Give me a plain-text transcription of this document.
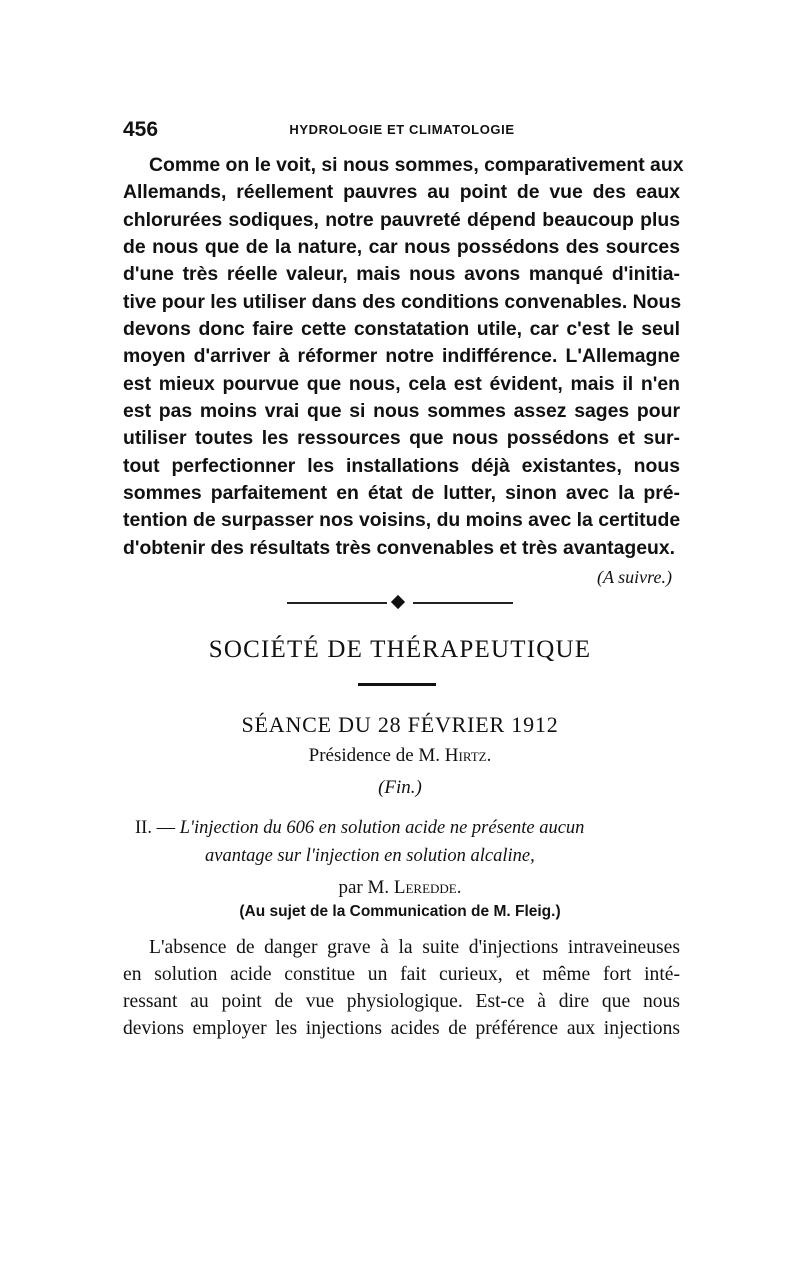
456	HYDROLOGIE ET CLIMATOLOGIE
Comme on le voit, si nous sommes, comparativement aux
Allemands, réellement pauvres au point de vue des eaux
chlorurées sodiques, notre pauvreté dépend beaucoup plus
de nous que de la nature, car nous possédons des sources
d'une très réelle valeur, mais nous avons manqué d'initia-
tive pour les utiliser dans des conditions convenables. Nous
devons donc faire cette constatation utile, car c'est le seul
moyen d'arriver à réformer notre indifférence. L'Allemagne
est mieux pourvue que nous, cela est évident, mais il n'en
est pas moins vrai que si nous sommes assez sages pour
utiliser toutes les ressources que nous possédons et sur-
tout perfectionner les installations déjà existantes, nous
sommes parfaitement en état de lutter, sinon avec la pré-
tention de surpasser nos voisins, du moins avec la certitude
d'obtenir des résultats très convenables et très avantageux.
(A suivre.)
SOCIÉTÉ DE THÉRAPEUTIQUE
SÉANCE DU 28 FÉVRIER 1912
Présidence de M. Hirtz.
(Fin.)
II. — L'injection du 606 en solution acide ne présente aucun
avantage sur l'injection en solution alcaline,
par M. Leredde.
(Au sujet de la Communication de M. Fleig.)
L'absence de danger grave à la suite d'injections intraveineuses
en solution acide constitue un fait curieux, et même fort inté-
ressant au point de vue physiologique. Est-ce à dire que nous
devions employer les injections acides de préférence aux injections
